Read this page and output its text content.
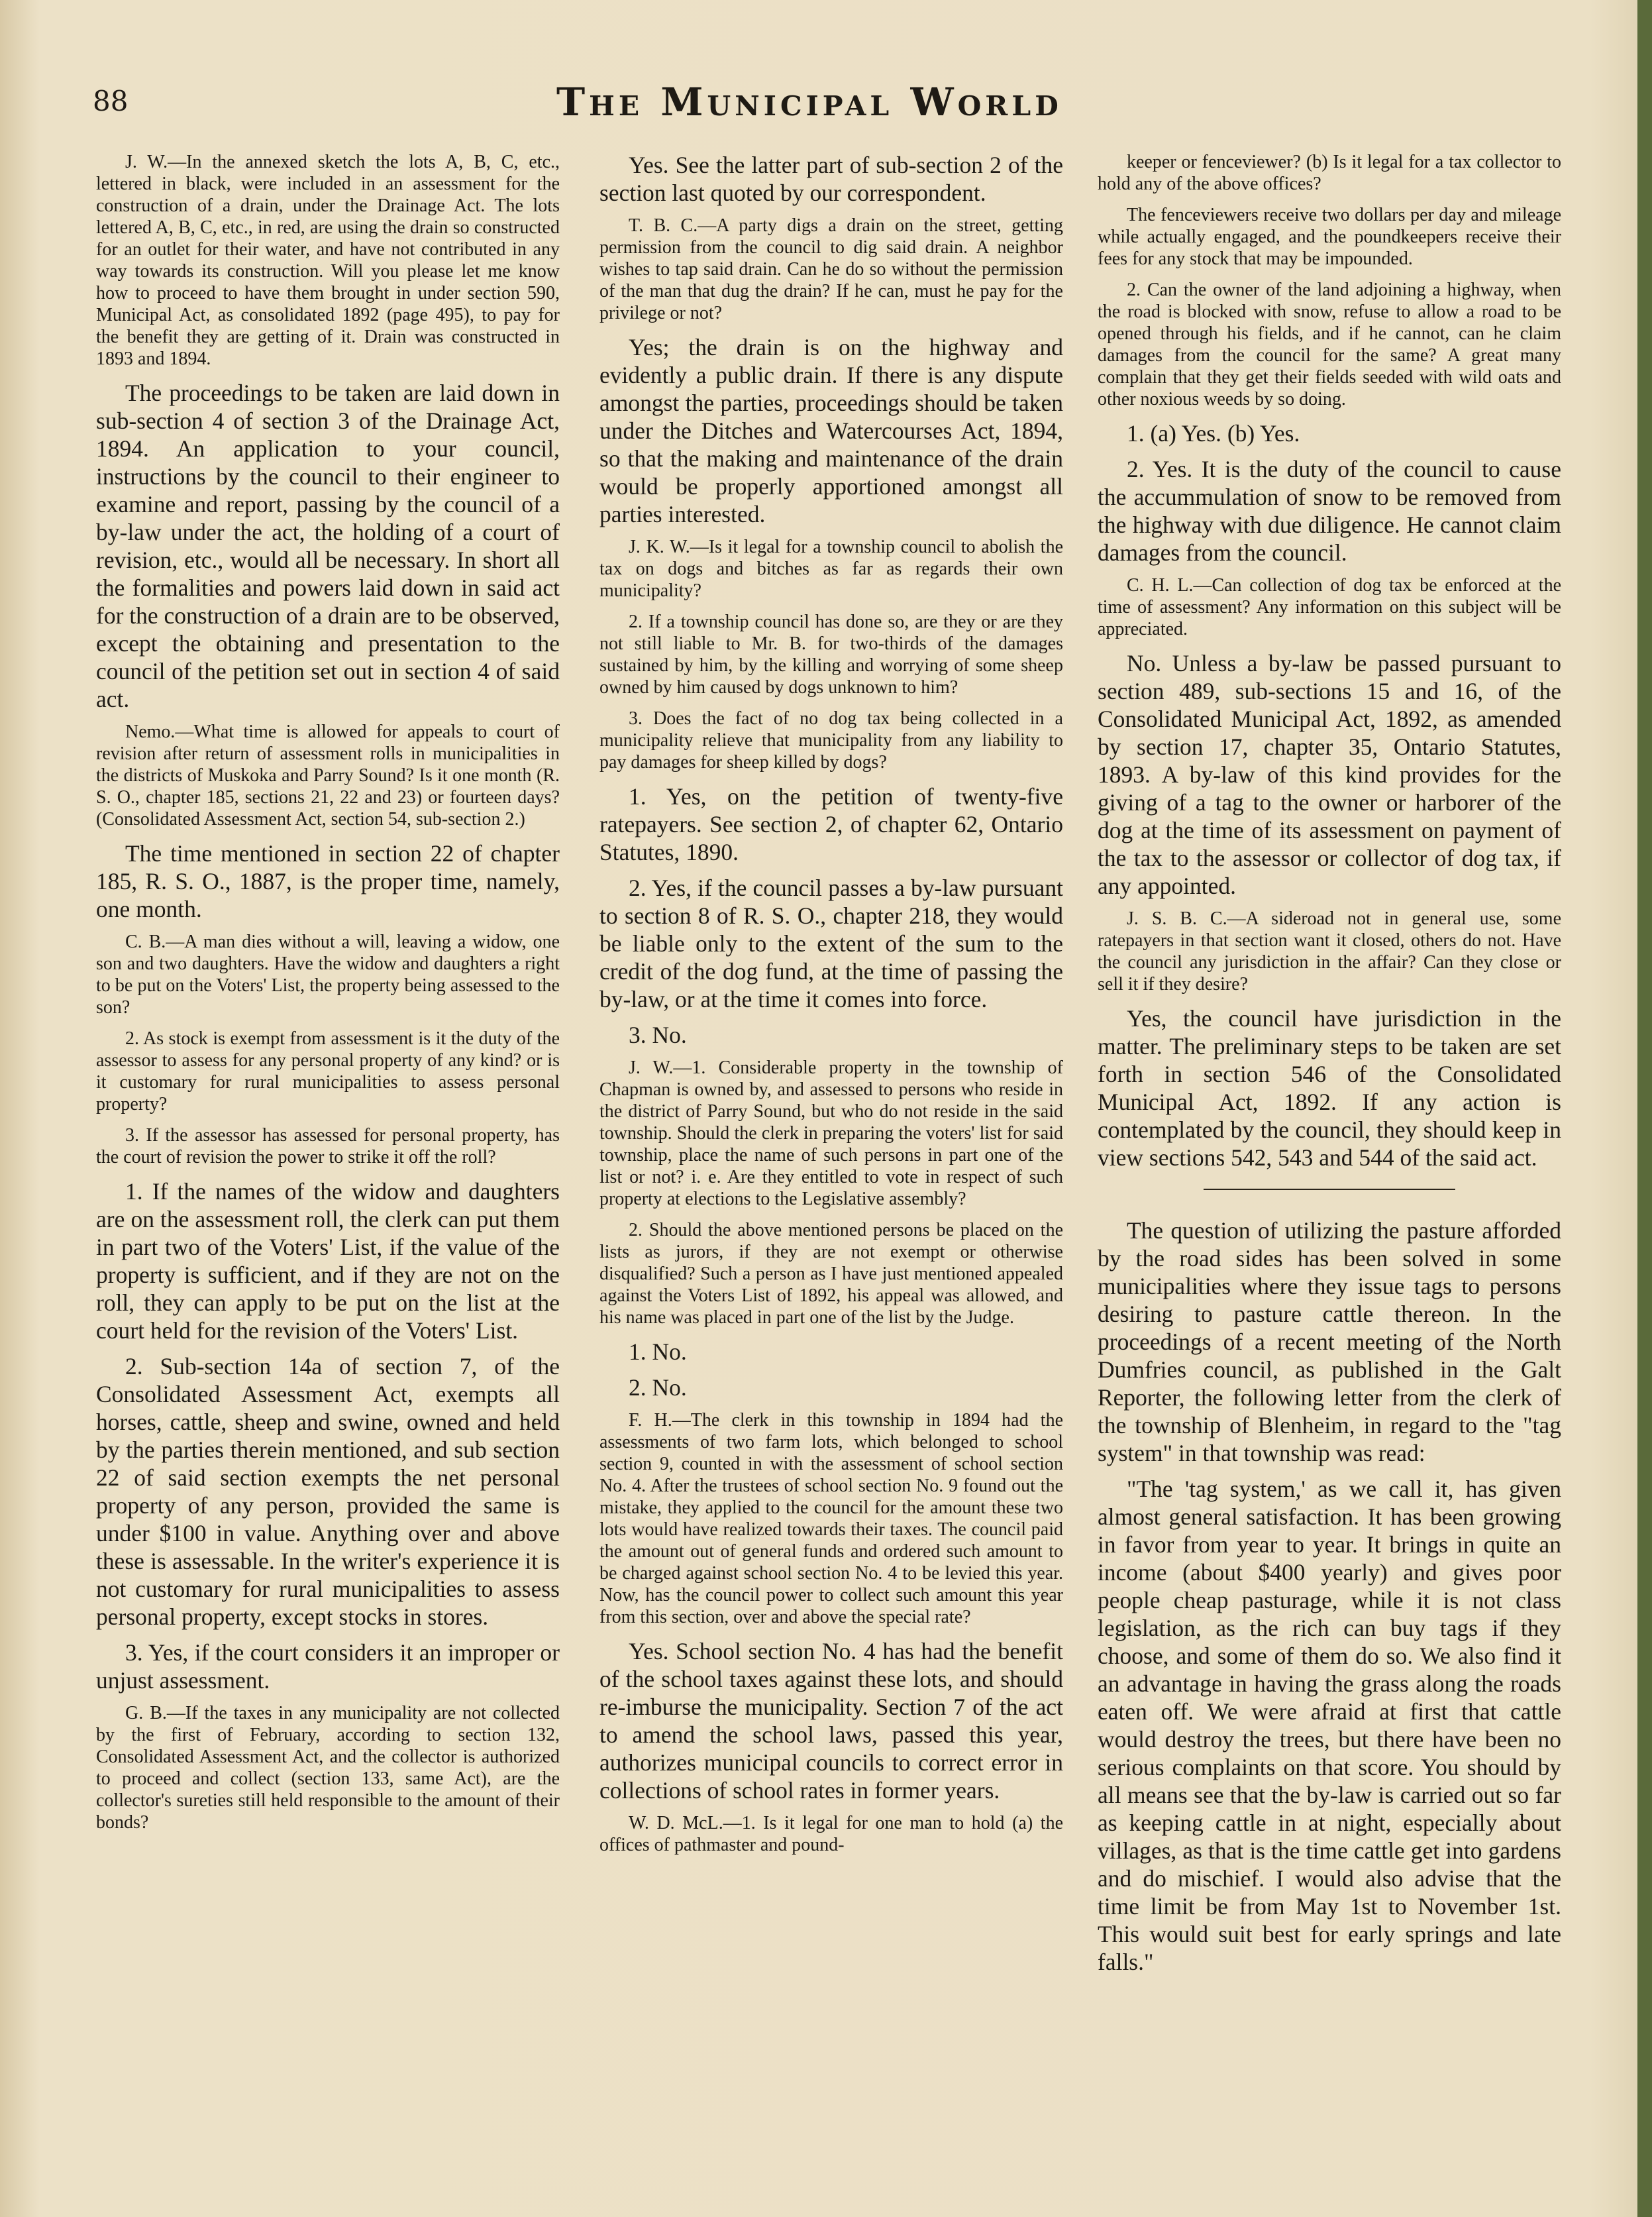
88	The Municipal World

J. W.—In the annexed sketch the lots A, B, C, etc., lettered in black, were included in an assessment for the construction of a drain, under the Drainage Act. The lots lettered A, B, C, etc., in red, are using the drain so constructed for an outlet for their water, and have not contributed in any way towards its construction. Will you please let me know how to proceed to have them brought in under section 590, Municipal Act, as consolidated 1892 (page 495), to pay for the benefit they are getting of it. Drain was constructed in 1893 and 1894.

The proceedings to be taken are laid down in sub-section 4 of section 3 of the Drainage Act, 1894. An application to your council, instructions by the council to their engineer to examine and report, passing by the council of a by-law under the act, the holding of a court of revision, etc., would all be necessary. In short all the formalities and powers laid down in said act for the construction of a drain are to be observed, except the obtaining and presentation to the council of the petition set out in section 4 of said act.

Nemo.—What time is allowed for appeals to court of revision after return of assessment rolls in municipalities in the districts of Muskoka and Parry Sound? Is it one month (R. S. O., chapter 185, sections 21, 22 and 23) or fourteen days? (Consolidated Assessment Act, section 54, sub-section 2.)

The time mentioned in section 22 of chapter 185, R. S. O., 1887, is the proper time, namely, one month.

C. B.—A man dies without a will, leaving a widow, one son and two daughters. Have the widow and daughters a right to be put on the Voters' List, the property being assessed to the son?

2. As stock is exempt from assessment is it the duty of the assessor to assess for any personal property of any kind? or is it customary for rural municipalities to assess personal property?

3. If the assessor has assessed for personal property, has the court of revision the power to strike it off the roll?

1. If the names of the widow and daughters are on the assessment roll, the clerk can put them in part two of the Voters' List, if the value of the property is sufficient, and if they are not on the roll, they can apply to be put on the list at the court held for the revision of the Voters' List.

2. Sub-section 14a of section 7, of the Consolidated Assessment Act, exempts all horses, cattle, sheep and swine, owned and held by the parties therein mentioned, and sub section 22 of said section exempts the net personal property of any person, provided the same is under $100 in value. Anything over and above these is assessable. In the writer's experience it is not customary for rural municipalities to assess personal property, except stocks in stores.

3. Yes, if the court considers it an improper or unjust assessment.

G. B.—If the taxes in any municipality are not collected by the first of February, according to section 132, Consolidated Assessment Act, and the collector is authorized to proceed and collect (section 133, same Act), are the collector's sureties still held responsible to the amount of their bonds?

Yes. See the latter part of sub-section 2 of the section last quoted by our correspondent.

T. B. C.—A party digs a drain on the street, getting permission from the council to dig said drain. A neighbor wishes to tap said drain. Can he do so without the permission of the man that dug the drain? If he can, must he pay for the privilege or not?

Yes; the drain is on the highway and evidently a public drain. If there is any dispute amongst the parties, proceedings should be taken under the Ditches and Watercourses Act, 1894, so that the making and maintenance of the drain would be properly apportioned amongst all parties interested.

J. K. W.—Is it legal for a township council to abolish the tax on dogs and bitches as far as regards their own municipality?

2. If a township council has done so, are they or are they not still liable to Mr. B. for two-thirds of the damages sustained by him, by the killing and worrying of some sheep owned by him caused by dogs unknown to him?

3. Does the fact of no dog tax being collected in a municipality relieve that municipality from any liability to pay damages for sheep killed by dogs?

1. Yes, on the petition of twenty-five ratepayers. See section 2, of chapter 62, Ontario Statutes, 1890.

2. Yes, if the council passes a by-law pursuant to section 8 of R. S. O., chapter 218, they would be liable only to the extent of the sum to the credit of the dog fund, at the time of passing the by-law, or at the time it comes into force.

3. No.

J. W.—1. Considerable property in the township of Chapman is owned by, and assessed to persons who reside in the district of Parry Sound, but who do not reside in the said township. Should the clerk in preparing the voters' list for said township, place the name of such persons in part one of the list or not? i. e. Are they entitled to vote in respect of such property at elections to the Legislative assembly?

2. Should the above mentioned persons be placed on the lists as jurors, if they are not exempt or otherwise disqualified? Such a person as I have just mentioned appealed against the Voters List of 1892, his appeal was allowed, and his name was placed in part one of the list by the Judge.

1. No.

2. No.

F. H.—The clerk in this township in 1894 had the assessments of two farm lots, which belonged to school section 9, counted in with the assessment of school section No. 4. After the trustees of school section No. 9 found out the mistake, they applied to the council for the amount these two lots would have realized towards their taxes. The council paid the amount out of general funds and ordered such amount to be charged against school section No. 4 to be levied this year. Now, has the council power to collect such amount this year from this section, over and above the special rate?

Yes. School section No. 4 has had the benefit of the school taxes against these lots, and should re-imburse the municipality. Section 7 of the act to amend the school laws, passed this year, authorizes municipal councils to correct error in collections of school rates in former years.

W. D. McL.—1. Is it legal for one man to hold (a) the offices of pathmaster and pound-

keeper or fenceviewer? (b) Is it legal for a tax collector to hold any of the above offices?

The fenceviewers receive two dollars per day and mileage while actually engaged, and the poundkeepers receive their fees for any stock that may be impounded.

2. Can the owner of the land adjoining a highway, when the road is blocked with snow, refuse to allow a road to be opened through his fields, and if he cannot, can he claim damages from the council for the same? A great many complain that they get their fields seeded with wild oats and other noxious weeds by so doing.

1. (a) Yes. (b) Yes.

2. Yes. It is the duty of the council to cause the accummulation of snow to be removed from the highway with due diligence. He cannot claim damages from the council.

C. H. L.—Can collection of dog tax be enforced at the time of assessment? Any information on this subject will be appreciated.

No. Unless a by-law be passed pursuant to section 489, sub-sections 15 and 16, of the Consolidated Municipal Act, 1892, as amended by section 17, chapter 35, Ontario Statutes, 1893. A by-law of this kind provides for the giving of a tag to the owner or harborer of the dog at the time of its assessment on payment of the tax to the assessor or collector of dog tax, if any appointed.

J. S. B. C.—A sideroad not in general use, some ratepayers in that section want it closed, others do not. Have the council any jurisdiction in the affair? Can they close or sell it if they desire?

Yes, the council have jurisdiction in the matter. The preliminary steps to be taken are set forth in section 546 of the Consolidated Municipal Act, 1892. If any action is contemplated by the council, they should keep in view sections 542, 543 and 544 of the said act.

The question of utilizing the pasture afforded by the road sides has been solved in some municipalities where they issue tags to persons desiring to pasture cattle thereon. In the proceedings of a recent meeting of the North Dumfries council, as published in the Galt Reporter, the following letter from the clerk of the township of Blenheim, in regard to the "tag system" in that township was read:

"The 'tag system,' as we call it, has given almost general satisfaction. It has been growing in favor from year to year. It brings in quite an income (about $400 yearly) and gives poor people cheap pasturage, while it is not class legislation, as the rich can buy tags if they choose, and some of them do so. We also find it an advantage in having the grass along the roads eaten off. We were afraid at first that cattle would destroy the trees, but there have been no serious complaints on that score. You should by all means see that the by-law is carried out so far as keeping cattle in at night, especially about villages, as that is the time cattle get into gardens and do mischief. I would also advise that the time limit be from May 1st to November 1st. This would suit best for early springs and late falls."
